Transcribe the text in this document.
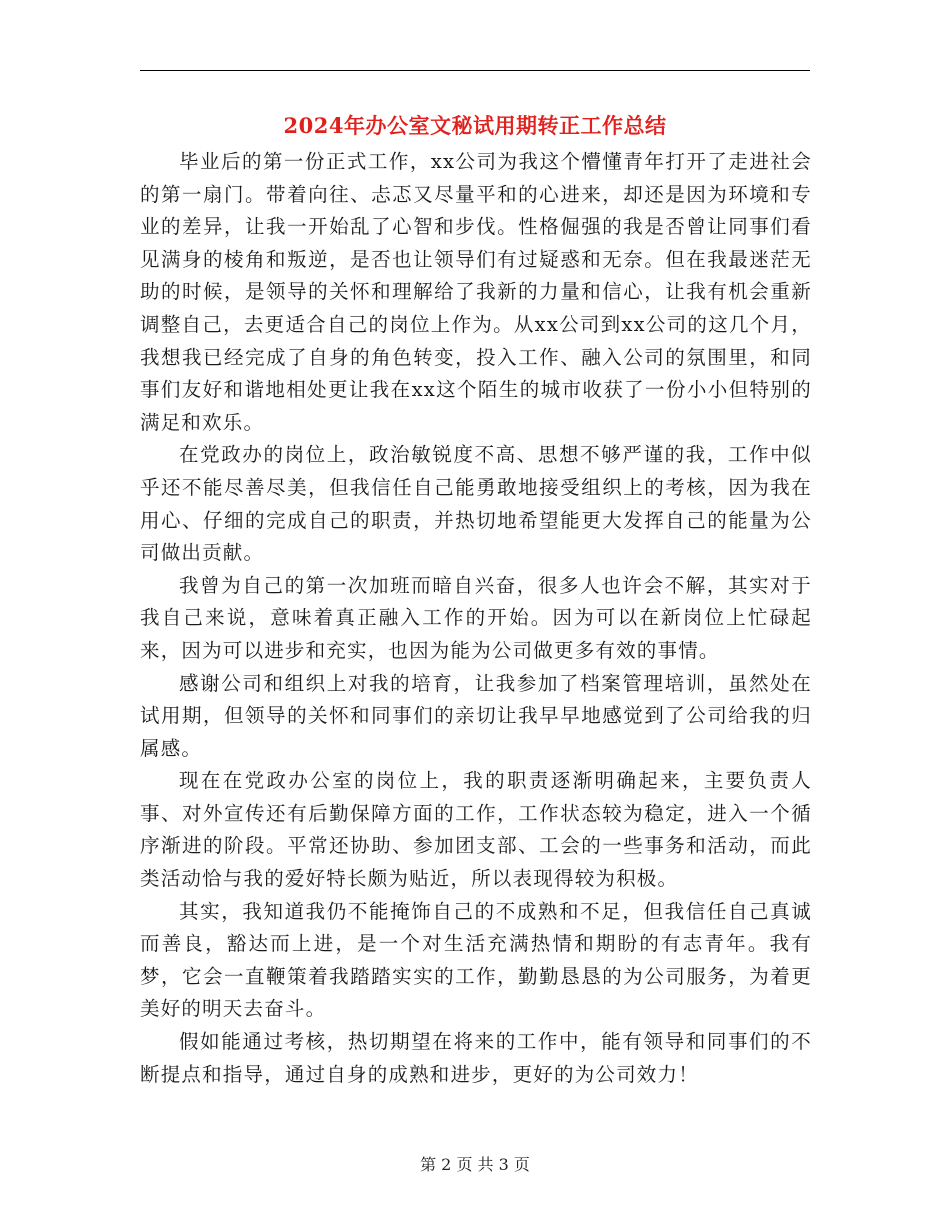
2024年办公室文秘试用期转正工作总结

毕业后的第一份正式工作，xx公司为我这个懵懂青年打开了走进社会的第一扇门。带着向往、忐忑又尽量平和的心进来，却还是因为环境和专业的差异，让我一开始乱了心智和步伐。性格倔强的我是否曾让同事们看见满身的棱角和叛逆，是否也让领导们有过疑惑和无奈。但在我最迷茫无助的时候，是领导的关怀和理解给了我新的力量和信心，让我有机会重新调整自己，去更适合自己的岗位上作为。从xx公司到xx公司的这几个月，我想我已经完成了自身的角色转变，投入工作、融入公司的氛围里，和同事们友好和谐地相处更让我在xx这个陌生的城市收获了一份小小但特别的满足和欢乐。

在党政办的岗位上，政治敏锐度不高、思想不够严谨的我，工作中似乎还不能尽善尽美，但我信任自己能勇敢地接受组织上的考核，因为我在用心、仔细的完成自己的职责，并热切地希望能更大发挥自己的能量为公司做出贡献。

我曾为自己的第一次加班而暗自兴奋，很多人也许会不解，其实对于我自己来说，意味着真正融入工作的开始。因为可以在新岗位上忙碌起来，因为可以进步和充实，也因为能为公司做更多有效的事情。

感谢公司和组织上对我的培育，让我参加了档案管理培训，虽然处在试用期，但领导的关怀和同事们的亲切让我早早地感觉到了公司给我的归属感。

现在在党政办公室的岗位上，我的职责逐渐明确起来，主要负责人事、对外宣传还有后勤保障方面的工作，工作状态较为稳定，进入一个循序渐进的阶段。平常还协助、参加团支部、工会的一些事务和活动，而此类活动恰与我的爱好特长颇为贴近，所以表现得较为积极。

其实，我知道我仍不能掩饰自己的不成熟和不足，但我信任自己真诚而善良，豁达而上进，是一个对生活充满热情和期盼的有志青年。我有梦，它会一直鞭策着我踏踏实实的工作，勤勤恳恳的为公司服务，为着更美好的明天去奋斗。

假如能通过考核，热切期望在将来的工作中，能有领导和同事们的不断提点和指导，通过自身的成熟和进步，更好的为公司效力！

第 2 页 共 3 页
